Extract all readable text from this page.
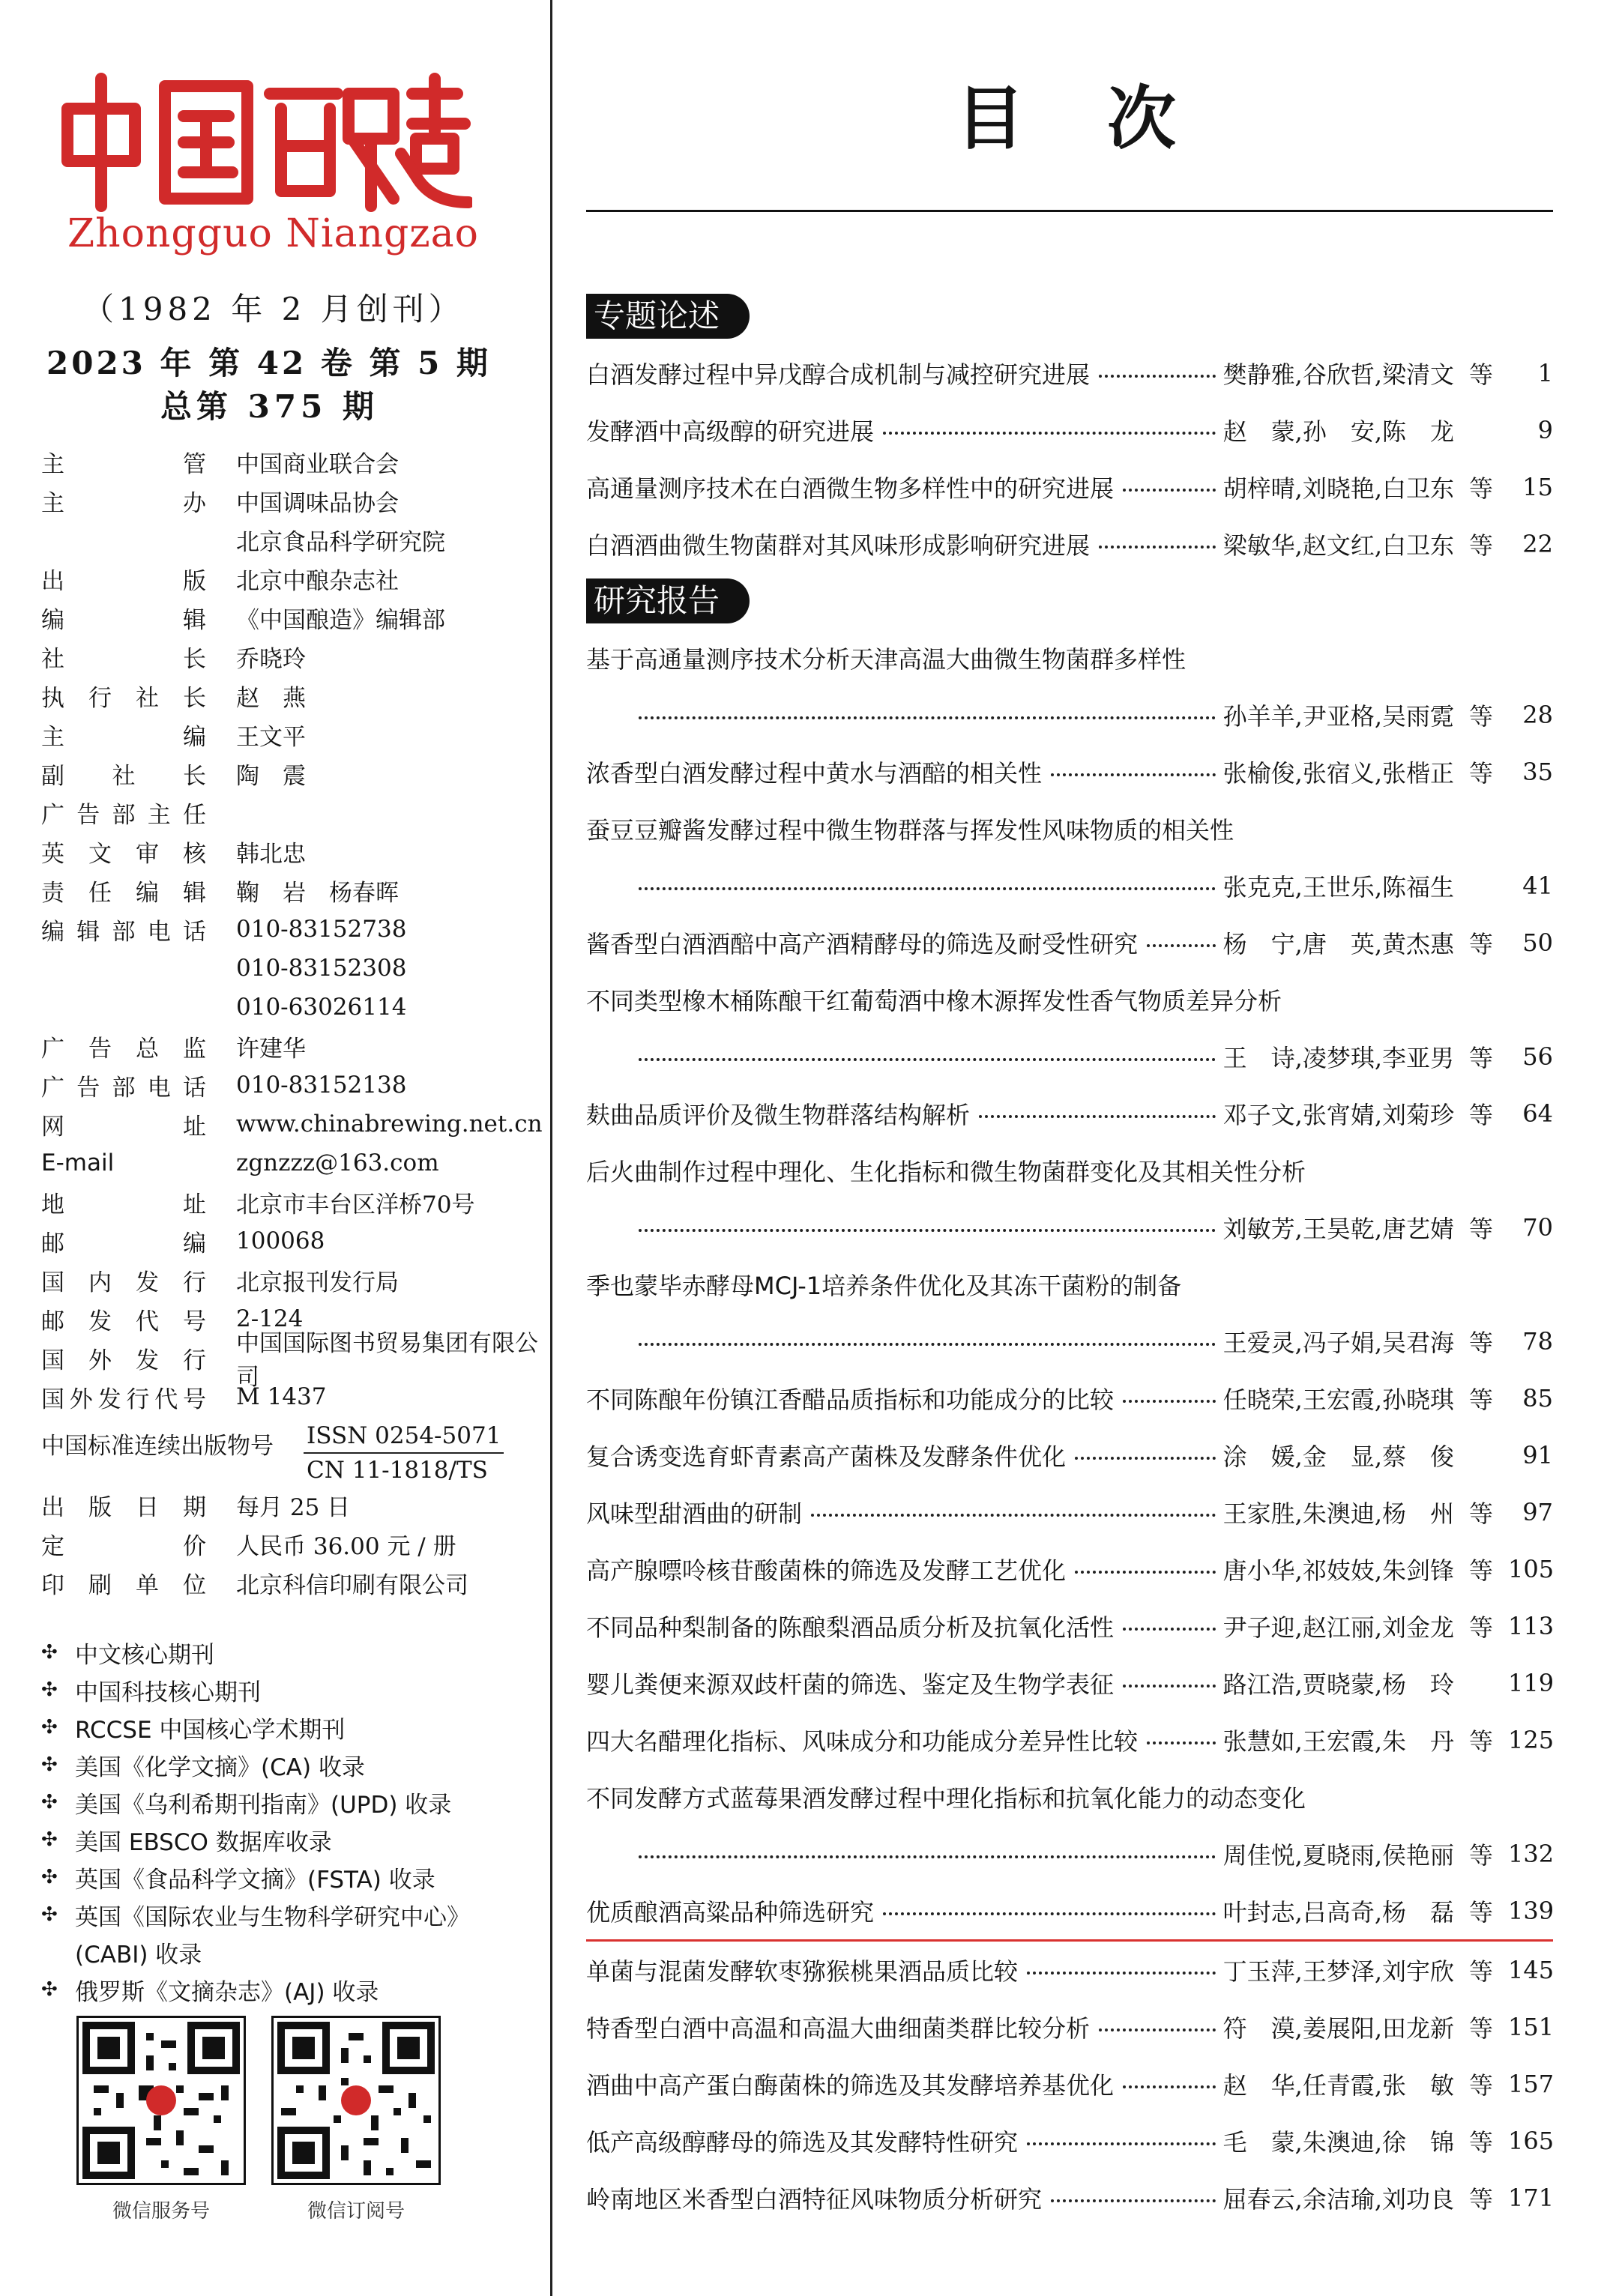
Zhongguo Niangzao
（1982 年 2 月创刊）
2023 年 第 42 卷 第 5 期
总第 375 期
主　　管	中国商业联合会
主　　办	中国调味品协会
北京食品科学研究院
出　　版	北京中酿杂志社
编　　辑	《中国酿造》编辑部
社　　长	乔晓玲
执行社长	赵　燕
主　　编	王文平
副 社 长	陶　震
广告部主任
英文审核	韩北忠
责任编辑	鞠　岩　杨春晖
编辑部电话	010-83152738
010-83152308
010-63026114
广告总监	许建华
广告部电话	010-83152138
网　　址	www.chinabrewing.net.cn
E-mail	zgnzzz@163.com
地　　址	北京市丰台区洋桥70号
邮　　编	100068
国内发行	北京报刊发行局
邮发代号	2-124
国外发行
中国国际图书贸易集团有限公司
国外发行代号	M 1437
中国标准连续出版物号	ISSN 0254-5071
CN 11-1818/TS
出版日期	每月 25 日
定　　价	人民币 36.00 元 / 册
印刷单位	北京科信印刷有限公司
✣ 中文核心期刊
✣ 中国科技核心期刊
✣ RCCSE 中国核心学术期刊
✣ 美国《化学文摘》(CA) 收录
✣ 美国《乌利希期刊指南》(UPD) 收录
✣ 美国 EBSCO 数据库收录
✣ 英国《食品科学文摘》(FSTA) 收录
✣ 英国《国际农业与生物科学研究中心》
(CABI) 收录
✣ 俄罗斯《文摘杂志》(AJ) 收录
微信服务号	微信订阅号
目次
专题论述
白酒发酵过程中异戊醇合成机制与减控研究进展	樊静雅,谷欣哲,梁清文 等	1
发酵酒中高级醇的研究进展	赵　蒙,孙　安,陈　龙	9
高通量测序技术在白酒微生物多样性中的研究进展	胡梓晴,刘晓艳,白卫东 等	15
白酒酒曲微生物菌群对其风味形成影响研究进展	梁敏华,赵文红,白卫东 等	22
研究报告
基于高通量测序技术分析天津高温大曲微生物菌群多样性
孙羊羊,尹亚格,吴雨霓 等	28
浓香型白酒发酵过程中黄水与酒醅的相关性	张榆俊,张宿义,张楷正 等	35
蚕豆豆瓣酱发酵过程中微生物群落与挥发性风味物质的相关性
张克克,王世乐,陈福生	41
酱香型白酒酒醅中高产酒精酵母的筛选及耐受性研究	杨　宁,唐　英,黄杰惠 等	50
不同类型橡木桶陈酿干红葡萄酒中橡木源挥发性香气物质差异分析
王　诗,凌梦琪,李亚男 等	56
麸曲品质评价及微生物群落结构解析	邓子文,张宵婧,刘菊珍 等	64
后火曲制作过程中理化、生化指标和微生物菌群变化及其相关性分析
刘敏芳,王昊乾,唐艺婧 等	70
季也蒙毕赤酵母MCJ-1培养条件优化及其冻干菌粉的制备
王爱灵,冯子娟,吴君海 等	78
不同陈酿年份镇江香醋品质指标和功能成分的比较	任晓荣,王宏霞,孙晓琪 等	85
复合诱变选育虾青素高产菌株及发酵条件优化	涂　媛,金　显,蔡　俊	91
风味型甜酒曲的研制	王家胜,朱澳迪,杨　州 等	97
高产腺嘌呤核苷酸菌株的筛选及发酵工艺优化	唐小华,祁妓妓,朱剑锋 等 105
不同品种梨制备的陈酿梨酒品质分析及抗氧化活性	尹子迎,赵江丽,刘金龙 等 113
婴儿粪便来源双歧杆菌的筛选、鉴定及生物学表征	路江浩,贾晓蒙,杨　玲 119
四大名醋理化指标、风味成分和功能成分差异性比较	张慧如,王宏霞,朱　丹 等 125
不同发酵方式蓝莓果酒发酵过程中理化指标和抗氧化能力的动态变化
周佳悦,夏晓雨,侯艳丽 等 132
优质酿酒高粱品种筛选研究	叶封志,吕高奇,杨　磊 等 139
单菌与混菌发酵软枣猕猴桃果酒品质比较	丁玉萍,王梦泽,刘宇欣 等 145
特香型白酒中高温和高温大曲细菌类群比较分析	符　漠,姜展阳,田龙新 等 151
酒曲中高产蛋白酶菌株的筛选及其发酵培养基优化	赵　华,任青霞,张　敏 等 157
低产高级醇酵母的筛选及其发酵特性研究	毛　蒙,朱澳迪,徐　锦 等 165
岭南地区米香型白酒特征风味物质分析研究	屈春云,余洁瑜,刘功良 等 171
